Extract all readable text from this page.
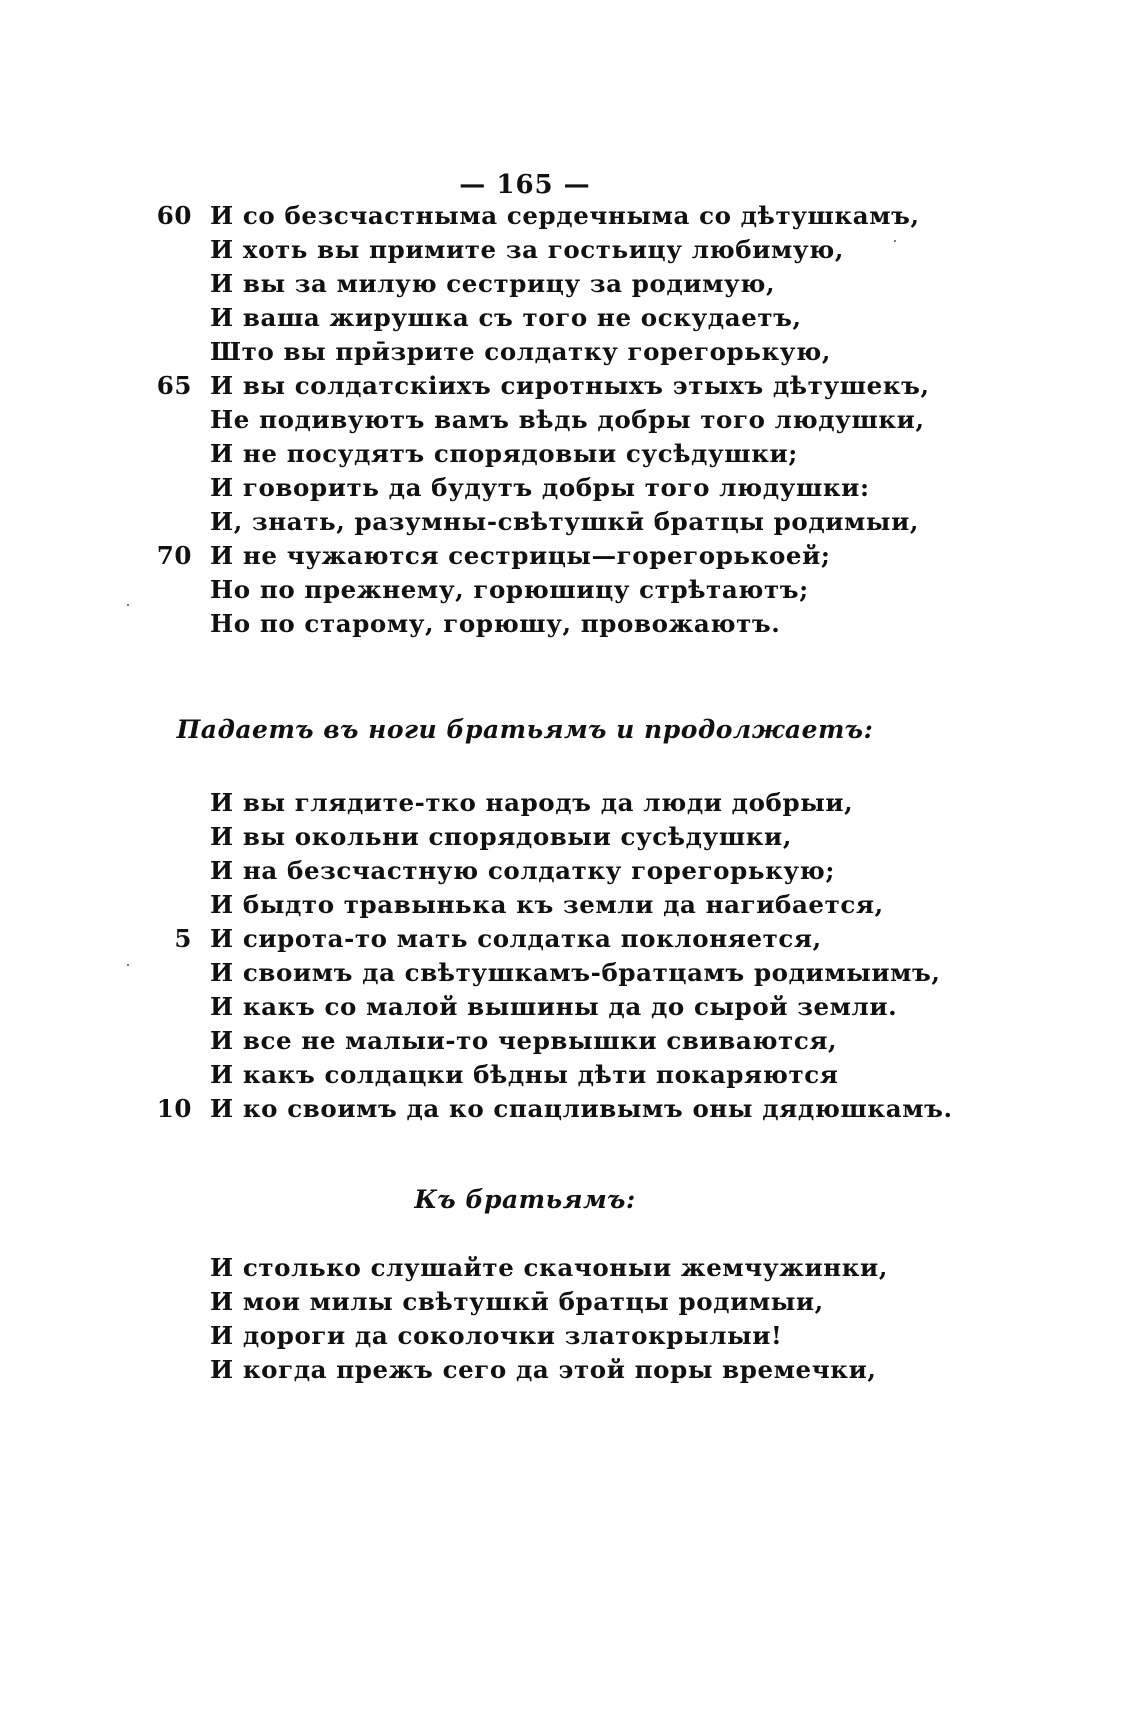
— 165 —
60 И со безсчастныма сердечныма со дѣтушкамъ,
И хоть вы примите за гостьицу любимую,
И вы за милую сестрицу за родимую,
И ваша жирушка съ того не оскудаетъ,
Што вы прӣзрите солдатку горегорькую,
65 И вы солдатскіихъ сиротныхъ этыхъ дѣтушекъ,
Не подивуютъ вамъ вѣдь добры того людушки,
И не посудятъ спорядовыи сусѣдушки;
И говорить да будутъ добры того людушки:
И, знать, разумны-свѣтушкӣ братцы родимыи,
70 И не чужаются сестрицы—горегорькоей;
Но по прежнему, горюшицу стрѣтаютъ;
Но по старому, горюшу, провожаютъ.
Падаетъ въ ноги братьямъ и продолжаетъ:
И вы глядите-тко народъ да люди добрыи,
И вы окольни спорядовыи сусѣдушки,
И на безсчастную солдатку горегорькую;
И быдто травынька къ земли да нагибается,
5 И сирота-то мать солдатка поклоняется,
И своимъ да свѣтушкамъ-братцамъ родимыимъ,
И какъ со малой вышины да до сырой земли.
И все не малыи-то червышки свиваются,
И какъ солдацки бѣдны дѣти покаряются
10 И ко своимъ да ко спацливымъ оны дядюшкамъ.
Къ братьямъ:
И столько слушайте скачоныи жемчужинки,
И мои милы свѣтушкӣ братцы родимыи,
И дороги да соколочки златокрылыи!
И когда прежъ сего да этой поры времечки,
